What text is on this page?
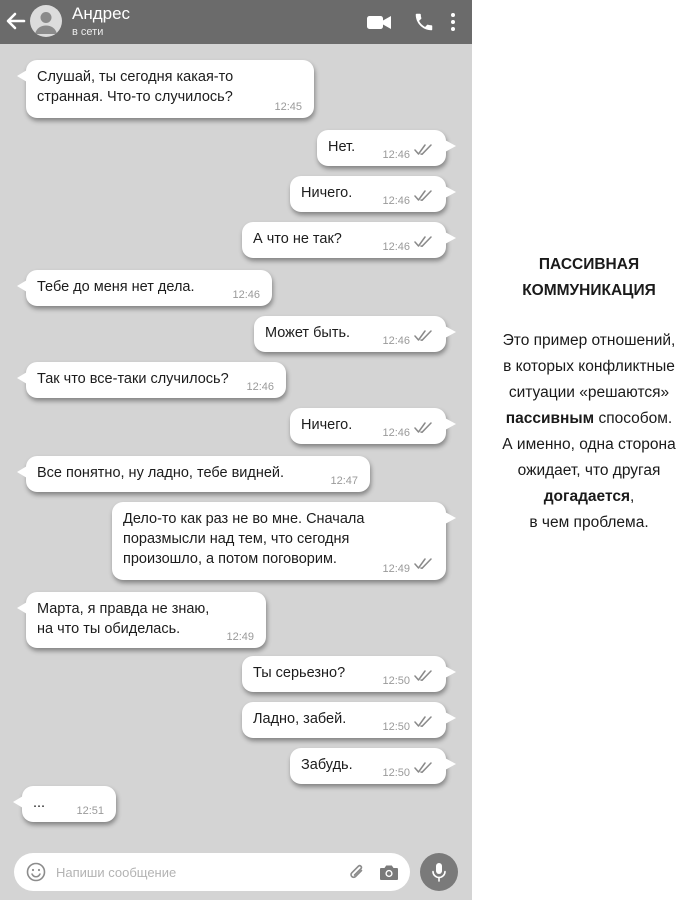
Андрес
в сети
Слушай, ты сегодня какая-то
странная. Что-то случилось?
12:45
Нет. 12:46
Ничего.	12:46
А что не так?	12:46
Тебе до меня нет дела.	12:46
Может быть.	12:46
Так что все-таки случилось? 12:46
Ничего.	12:46
Все понятно, ну ладно, тебе видней.	12:47
Дело-то как раз не во мне. Сначала
поразмысли над тем, что сегодня
произошло, а потом поговорим.
12:49
Марта, я правда не знаю,
на что ты обиделась.	12:49
Ты серьезно?	12:50
Ладно, забей.	12:50
Забудь.	12:50
...	12:51
Напиши сообщение
ПАССИВНАЯ
КОММУНИКАЦИЯ
Это пример отношений,
в которых конфликтные
ситуации «решаются»
пассивным способом.
А именно, одна сторона
ожидает, что другая
догадается,
в чем проблема.
